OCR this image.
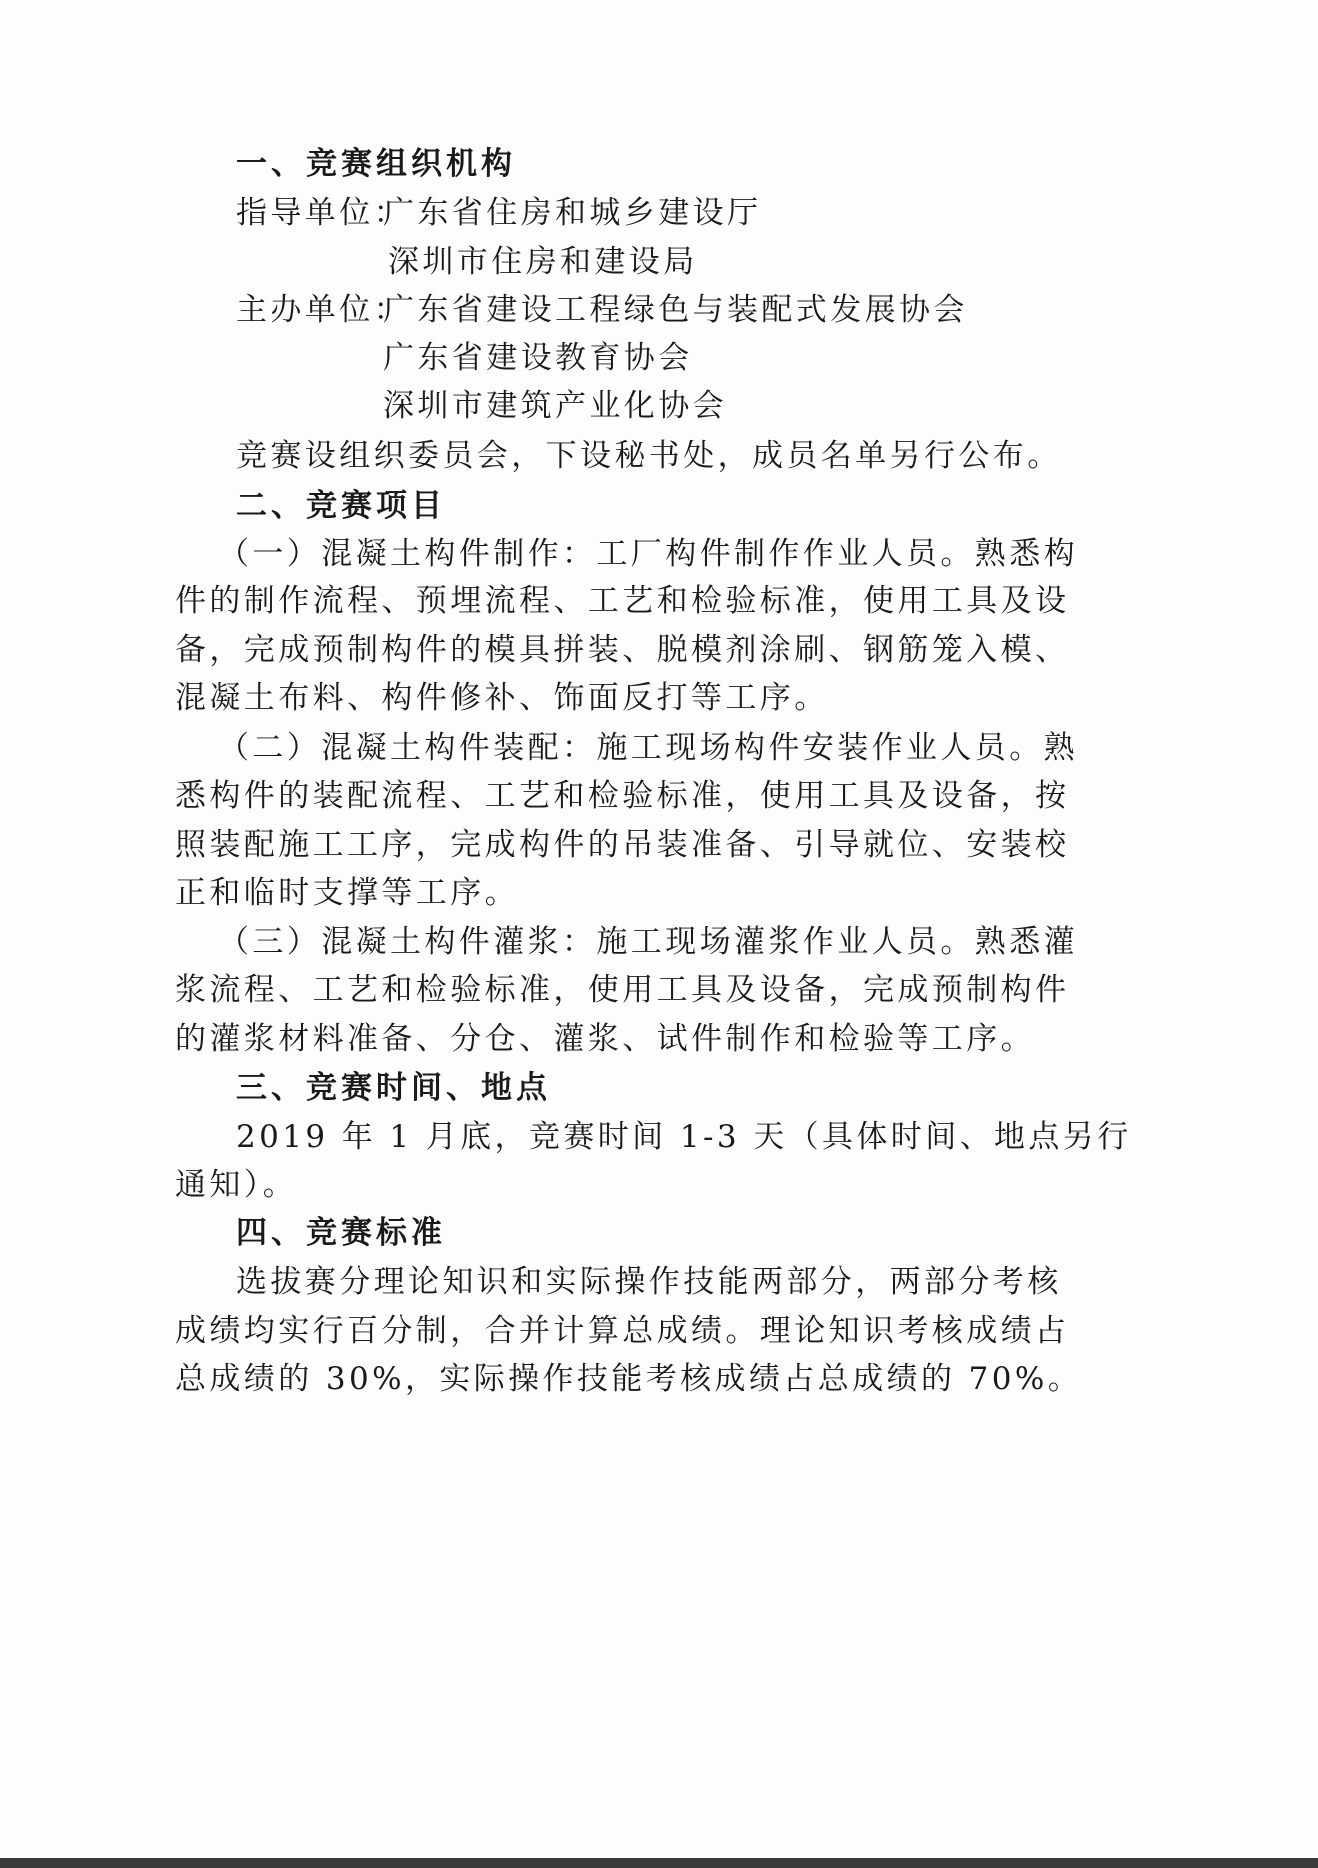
一、竞赛组织机构
指导单位：
广东省住房和城乡建设厅
深圳市住房和建设局
主办单位：
广东省建设工程绿色与装配式发展协会
广东省建设教育协会
深圳市建筑产业化协会
竞赛设组织委员会，下设秘书处，成员名单另行公布。
二、竞赛项目
（一）混凝土构件制作：工厂构件制作作业人员。熟悉构
件的制作流程、预埋流程、工艺和检验标准，使用工具及设
备，完成预制构件的模具拼装、脱模剂涂刷、钢筋笼入模、
混凝土布料、构件修补、饰面反打等工序。
（二）混凝土构件装配：施工现场构件安装作业人员。熟
悉构件的装配流程、工艺和检验标准，使用工具及设备，按
照装配施工工序，完成构件的吊装准备、引导就位、安装校
正和临时支撑等工序。
（三）混凝土构件灌浆：施工现场灌浆作业人员。熟悉灌
浆流程、工艺和检验标准，使用工具及设备，完成预制构件
的灌浆材料准备、分仓、灌浆、试件制作和检验等工序。
三、竞赛时间、地点
2019 年 1 月底，竞赛时间 1-3 天（具体时间、地点另行
通知）。
四、竞赛标准
选拔赛分理论知识和实际操作技能两部分，两部分考核
成绩均实行百分制，合并计算总成绩。理论知识考核成绩占
总成绩的 30%，实际操作技能考核成绩占总成绩的 70%。
